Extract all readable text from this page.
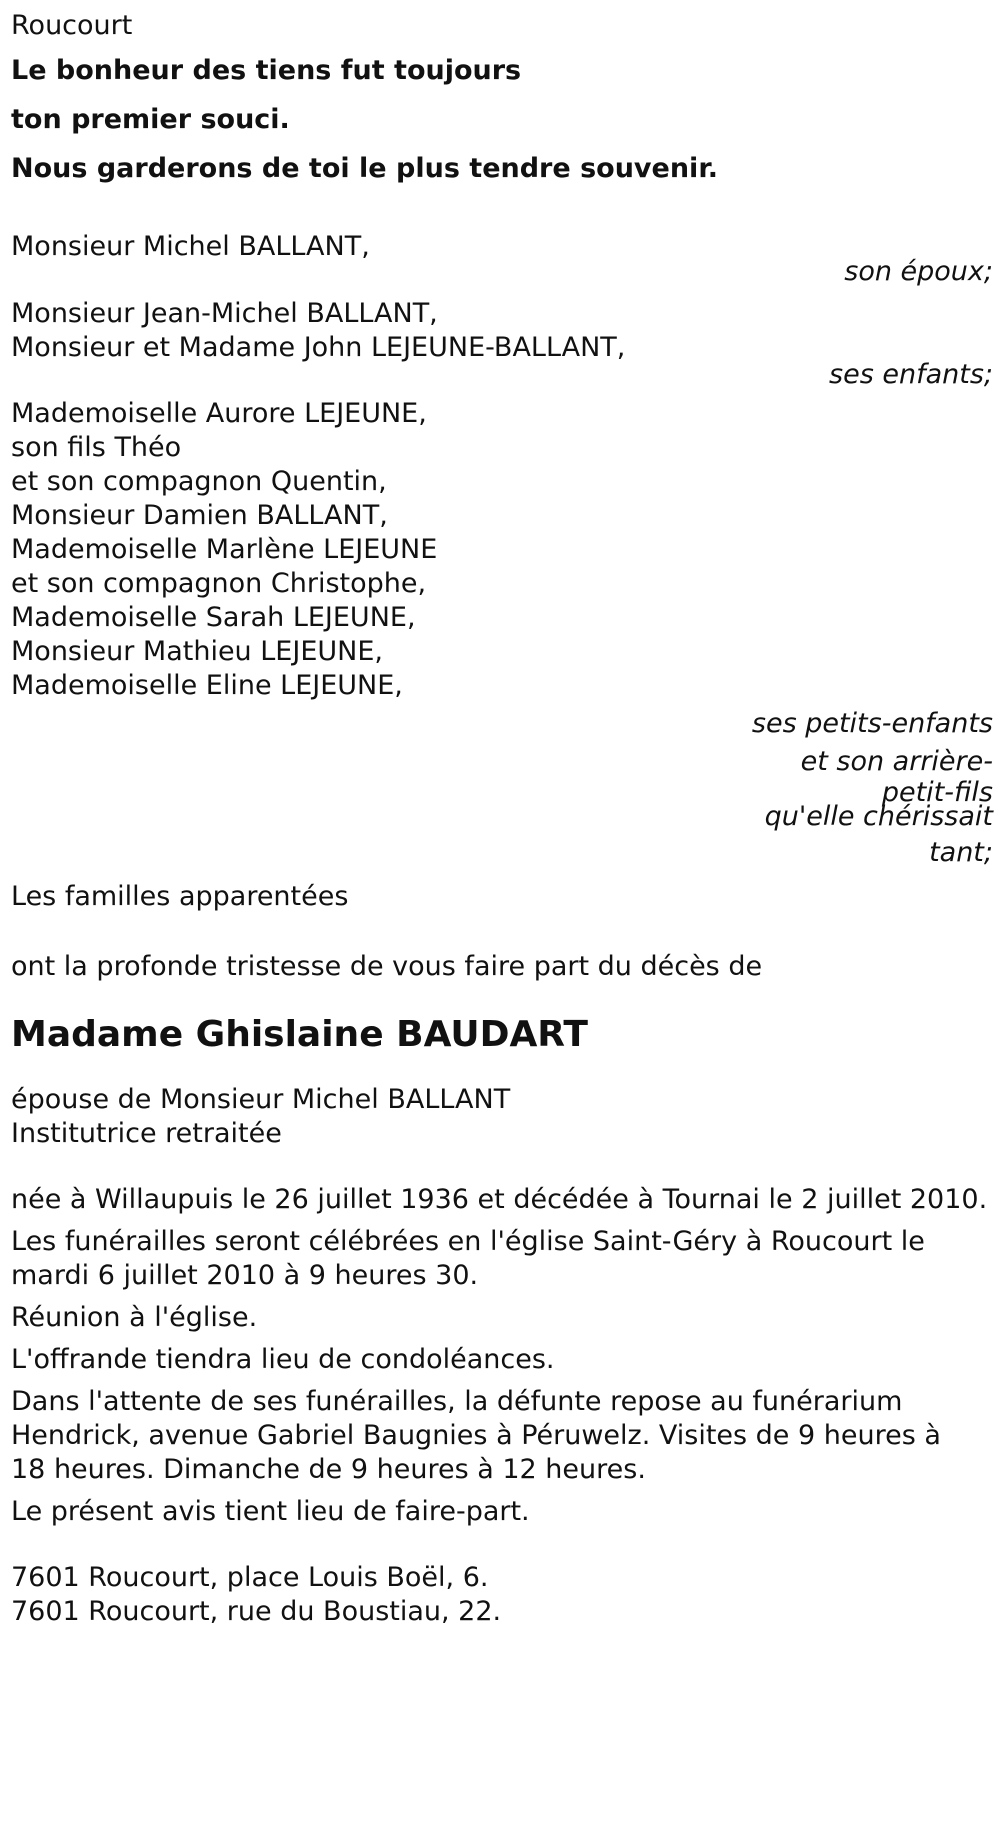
Roucourt
Le bonheur des tiens fut toujours
ton premier souci.
Nous garderons de toi le plus tendre souvenir.
Monsieur Michel BALLANT,
son époux;
Monsieur Jean-Michel BALLANT,
Monsieur et Madame John LEJEUNE-BALLANT,
ses enfants;
Mademoiselle Aurore LEJEUNE,
son fils Théo
et son compagnon Quentin,
Monsieur Damien BALLANT,
Mademoiselle Marlène LEJEUNE
et son compagnon Christophe,
Mademoiselle Sarah LEJEUNE,
Monsieur Mathieu LEJEUNE,
Mademoiselle Eline LEJEUNE,
ses petits-enfants
et son arrière-
petit-fils
qu'elle chérissait
tant;
Les familles apparentées
ont la profonde tristesse de vous faire part du décès de
Madame Ghislaine BAUDART
épouse de Monsieur Michel BALLANT
Institutrice retraitée
née à Willaupuis le 26 juillet 1936 et décédée à Tournai le 2 juillet 2010.
Les funérailles seront célébrées en l'église Saint-Géry à Roucourt le mardi 6 juillet 2010 à 9 heures 30.
Réunion à l'église.
L'offrande tiendra lieu de condoléances.
Dans l'attente de ses funérailles, la défunte repose au funérarium Hendrick, avenue Gabriel Baugnies à Péruwelz. Visites de 9 heures à 18 heures. Dimanche de 9 heures à 12 heures.
Le présent avis tient lieu de faire-part.
7601 Roucourt, place Louis Boël, 6.
7601 Roucourt, rue du Boustiau, 22.
